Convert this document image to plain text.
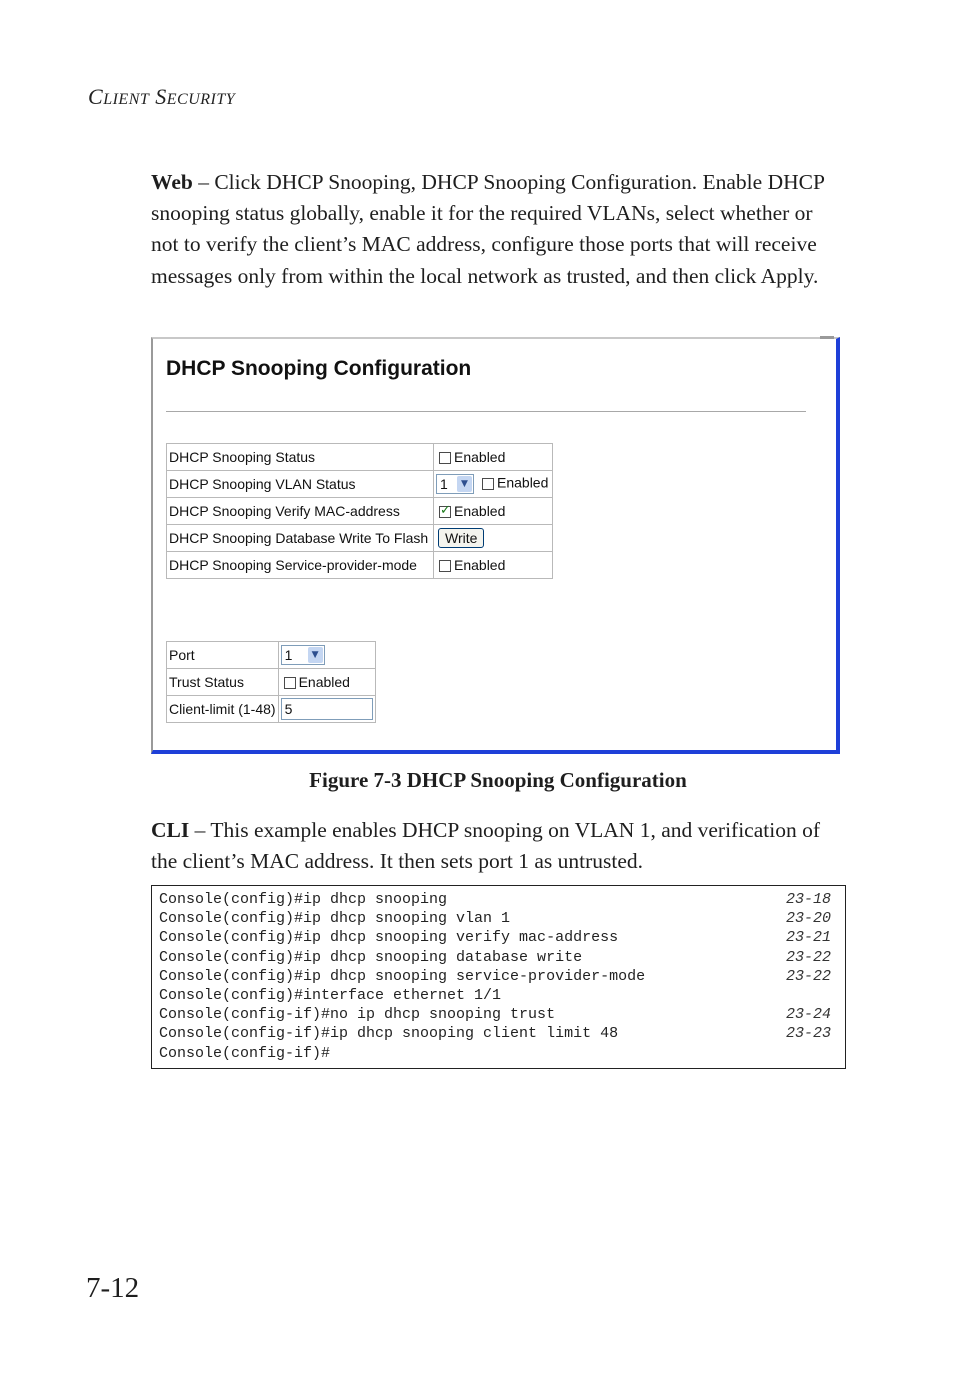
CLIENT SECURITY
Web – Click DHCP Snooping, DHCP Snooping Configuration. Enable DHCP snooping status globally, enable it for the required VLANs, select whether or not to verify the client’s MAC address, configure those ports that will receive messages only from within the local network as trusted, and then click Apply.
DHCP Snooping Configuration
DHCP Snooping Status	Enabled
DHCP Snooping VLAN Status	1 ▼ Enabled
DHCP Snooping Verify MAC-address	✓Enabled
DHCP Snooping Database Write To Flash	Write
DHCP Snooping Service-provider-mode	Enabled
Port	1 ▼

Trust Status	Enabled
Client-limit (1-48)	5
Figure 7-3 DHCP Snooping Configuration
CLI – This example enables DHCP snooping on VLAN 1, and verification of the client’s MAC address. It then sets port 1 as untrusted.
Console(config)#ip dhcp snooping	23-18
Console(config)#ip dhcp snooping vlan 1	23-20
Console(config)#ip dhcp snooping verify mac-address	23-21
Console(config)#ip dhcp snooping database write	23-22
Console(config)#ip dhcp snooping service-provider-mode	23-22
Console(config)#interface ethernet 1/1
Console(config-if)#no ip dhcp snooping trust	23-24
Console(config-if)#ip dhcp snooping client limit 48	23-23
Console(config-if)#
7-12
